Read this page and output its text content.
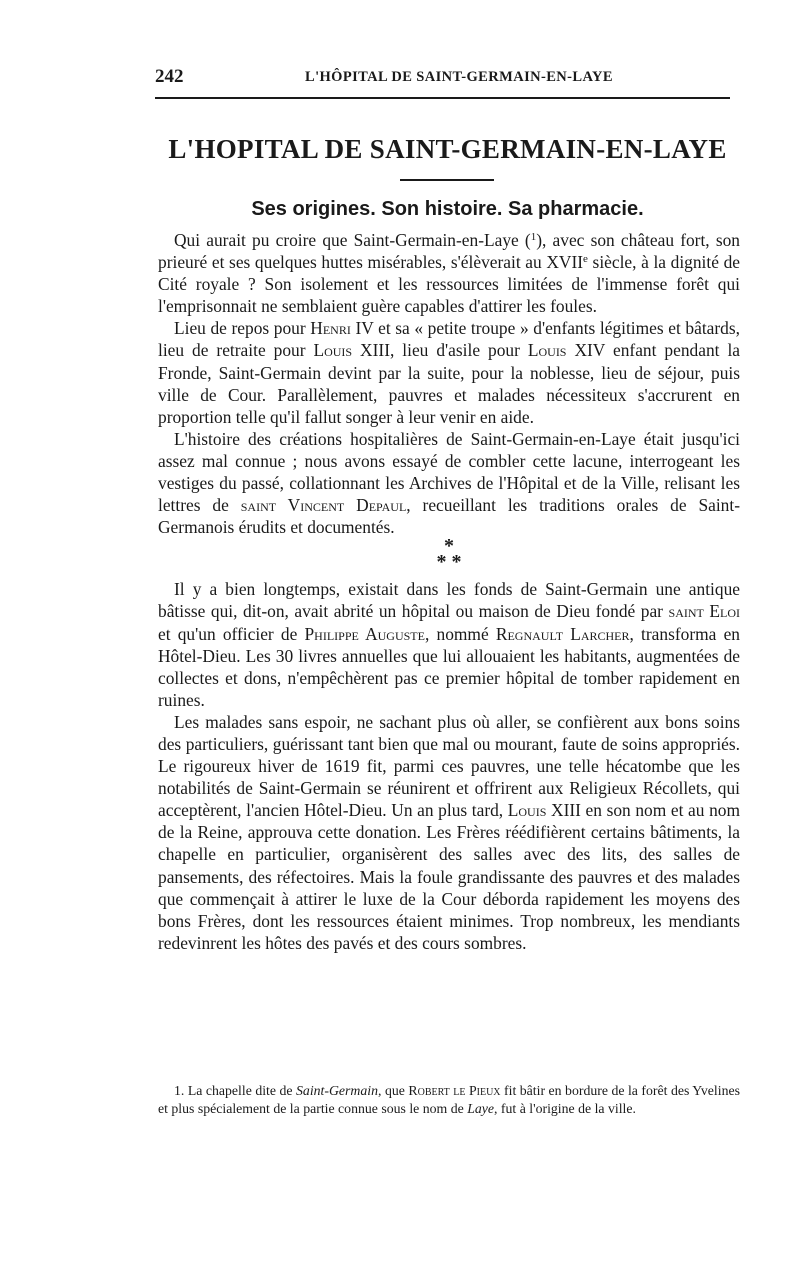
242	L'HÔPITAL DE SAINT-GERMAIN-EN-LAYE
L'HOPITAL DE SAINT-GERMAIN-EN-LAYE
Ses origines. Son histoire. Sa pharmacie.

Qui aurait pu croire que Saint-Germain-en-Laye ($^1$), avec son château fort, son prieuré et ses quelques huttes misérables, s'élèverait au XVIIe siècle, à la dignité de Cité royale ? Son isolement et les ressources limitées de l'immense forêt qui l'emprisonnait ne semblaient guère capables d'attirer les foules.

Lieu de repos pour Henri IV et sa « petite troupe » d'enfants légitimes et bâtards, lieu de retraite pour Louis XIII, lieu d'asile pour Louis XIV enfant pendant la Fronde, Saint-Germain devint par la suite, pour la noblesse, lieu de séjour, puis ville de Cour. Parallèlement, pauvres et malades nécessiteux s'accrurent en proportion telle qu'il fallut songer à leur venir en aide.

L'histoire des créations hospitalières de Saint-Germain-en-Laye était jusqu'ici assez mal connue ; nous avons essayé de combler cette lacune, interrogeant les vestiges du passé, collationnant les Archives de l'Hôpital et de la Ville, relisant les lettres de saint Vincent Depaul, recueillant les traditions orales de Saint-Germanois érudits et documentés.

*
* *

Il y a bien longtemps, existait dans les fonds de Saint-Germain une antique bâtisse qui, dit-on, avait abrité un hôpital ou maison de Dieu fondé par saint Eloi et qu'un officier de Philippe Auguste, nommé Regnault Larcher, transforma en Hôtel-Dieu. Les 30 livres annuelles que lui allouaient les habitants, augmentées de collectes et dons, n'empêchèrent pas ce premier hôpital de tomber rapidement en ruines.

Les malades sans espoir, ne sachant plus où aller, se confièrent aux bons soins des particuliers, guérissant tant bien que mal ou mourant, faute de soins appropriés. Le rigoureux hiver de 1619 fit, parmi ces pauvres, une telle hécatombe que les notabilités de Saint-Germain se réunirent et offrirent aux Religieux Récollets, qui acceptèrent, l'ancien Hôtel-Dieu. Un an plus tard, Louis XIII en son nom et au nom de la Reine, approuva cette donation. Les Frères réédifièrent certains bâtiments, la chapelle en particulier, organisèrent des salles avec des lits, des salles de pansements, des réfectoires. Mais la foule grandissante des pauvres et des malades que commençait à attirer le luxe de la Cour déborda rapidement les moyens des bons Frères, dont les ressources étaient minimes. Trop nombreux, les mendiants redevinrent les hôtes des pavés et des cours sombres.

1. La chapelle dite de Saint-Germain, que Robert le Pieux fit bâtir en bordure de la forêt des Yvelines et plus spécialement de la partie connue sous le nom de Laye, fut à l'origine de la ville.
